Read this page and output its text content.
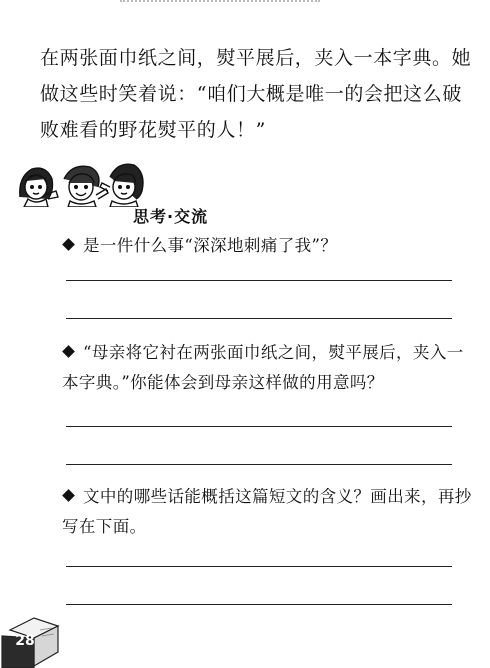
在两张面巾纸之间，熨平展后，夹入一本字典。她

做这些时笑着说：“咱们大概是唯一的会把这么破

败难看的野花熨平的人！”

思考·交流
是一件什么事“深深地刺痛了我”？
“母亲将它衬在两张面巾纸之间，熨平展后，夹入一
本字典。”你能体会到母亲这样做的用意吗？
文中的哪些话能概括这篇短文的含义？画出来，再抄
写在下面。
28
